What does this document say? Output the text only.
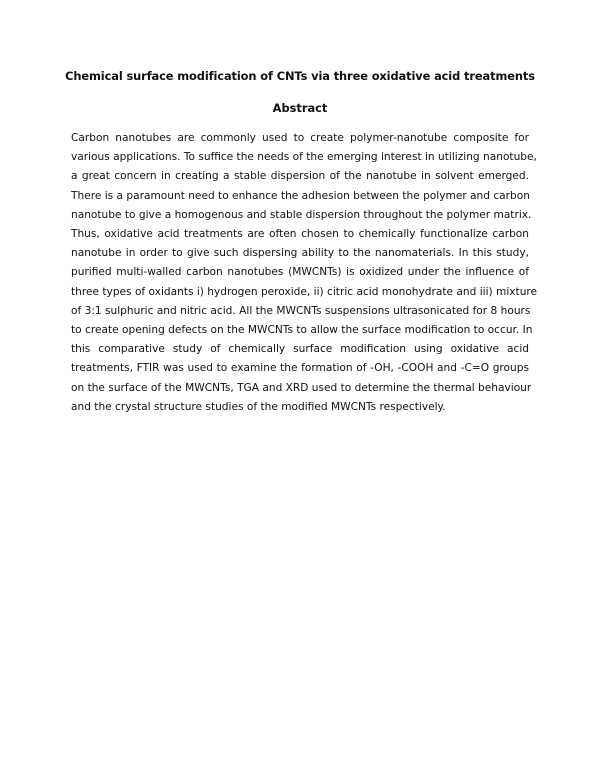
Chemical surface modification of CNTs via three oxidative acid treatments
Abstract
Carbon nanotubes are commonly used to create polymer-nanotube composite for
various applications. To suffice the needs of the emerging interest in utilizing nanotube,
a great concern in creating a stable dispersion of the nanotube in solvent emerged.
There is a paramount need to enhance the adhesion between the polymer and carbon
nanotube to give a homogenous and stable dispersion throughout the polymer matrix.
Thus, oxidative acid treatments are often chosen to chemically functionalize carbon
nanotube in order to give such dispersing ability to the nanomaterials. In this study,
purified multi-walled carbon nanotubes (MWCNTs) is oxidized under the influence of
three types of oxidants i) hydrogen peroxide, ii) citric acid monohydrate and iii) mixture
of 3:1 sulphuric and nitric acid. All the MWCNTs suspensions ultrasonicated for 8 hours
to create opening defects on the MWCNTs to allow the surface modification to occur. In
this comparative study of chemically surface modification using oxidative acid
treatments, FTIR was used to examine the formation of -OH, -COOH and -C=O groups
on the surface of the MWCNTs, TGA and XRD used to determine the thermal behaviour
and the crystal structure studies of the modified MWCNTs respectively.
